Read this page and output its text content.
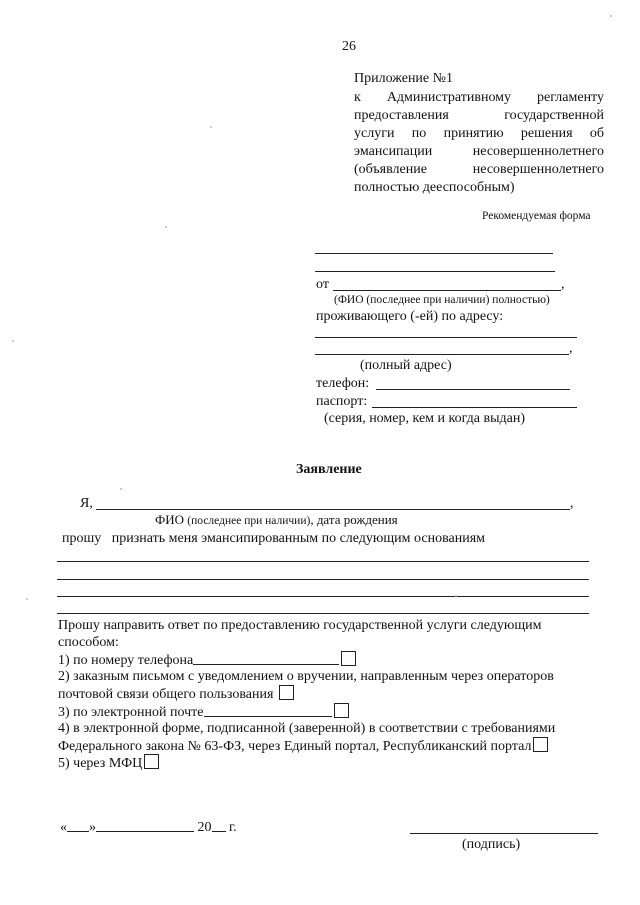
26
Приложение №1
к Административному регламенту
предоставления	государственной
услуги по принятию решения об
эмансипации	несовершеннолетнего
(объявление	несовершеннолетнего
полностью дееспособным)
Рекомендуемая форма
от	,
(ФИО (последнее при наличии) полностью)
проживающего (-ей) по адресу:
,
(полный адрес)
телефон:
паспорт:
(серия, номер, кем и когда выдан)
Заявление
Я,	,
ФИО (последнее при наличии), дата рождения
прошу признать меня эмансипированным по следующим основаниям
Прошу направить ответ по предоставлению государственной услуги следующим
способом:
1) по номеру телефона
2) заказным письмом с уведомлением о вручении, направленным через операторов
почтовой связи общего пользования
3) по электронной почте
4) в электронной форме, подписанной (заверенной) в соответствии с требованиями
Федерального закона № 63-ФЗ, через Единый портал, Республиканский портал
5) через МФЦ
« »	20 г.
(подпись)
